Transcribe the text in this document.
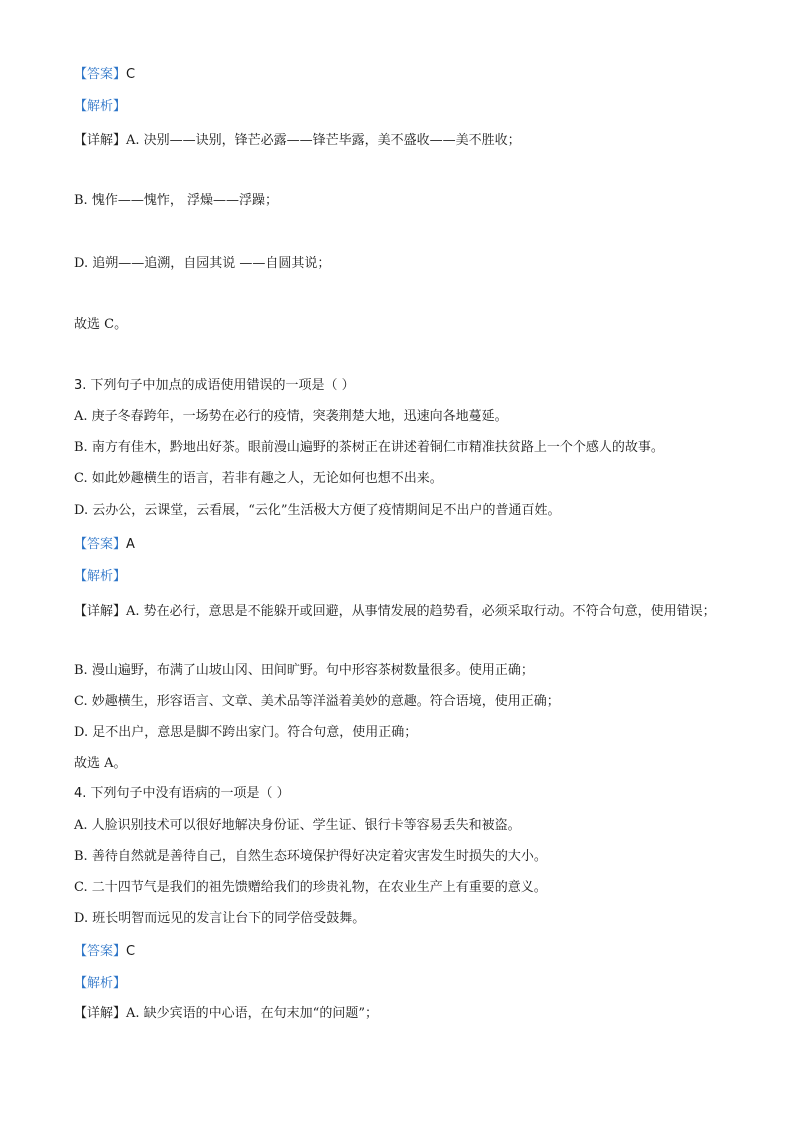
【答案】C
【解析】
【详解】A. 决别——诀别，锋芒必露——锋芒毕露，美不盛收——美不胜收；
B. 愧作——愧怍， 浮燥——浮躁；
D. 追朔——追溯，自园其说 ——自圆其说；
故选 C。
3. 下列句子中加点的成语使用错误的一项是（ ）
A. 庚子冬春跨年，一场势在必行的疫情，突袭荆楚大地，迅速向各地蔓延。
B. 南方有佳木，黔地出好茶。眼前漫山遍野的茶树正在讲述着铜仁市精准扶贫路上一个个感人的故事。
C. 如此妙趣横生的语言，若非有趣之人，无论如何也想不出来。
D. 云办公，云课堂，云看展，“云化”生活极大方便了疫情期间足不出户的普通百姓。
【答案】A
【解析】
【详解】A. 势在必行，意思是不能躲开或回避，从事情发展的趋势看，必须采取行动。不符合句意，使用错误；
B. 漫山遍野，布满了山坡山冈、田间旷野。句中形容茶树数量很多。使用正确；
C. 妙趣横生，形容语言、文章、美术品等洋溢着美妙的意趣。符合语境，使用正确；
D. 足不出户，意思是脚不跨出家门。符合句意，使用正确；
故选 A。
4. 下列句子中没有语病的一项是（ ）
A. 人脸识别技术可以很好地解决身份证、学生证、银行卡等容易丢失和被盗。
B. 善待自然就是善待自己，自然生态环境保护得好决定着灾害发生时损失的大小。
C. 二十四节气是我们的祖先馈赠给我们的珍贵礼物，在农业生产上有重要的意义。
D. 班长明智而远见的发言让台下的同学倍受鼓舞。
【答案】C
【解析】
【详解】A. 缺少宾语的中心语，在句末加“的问题”；
